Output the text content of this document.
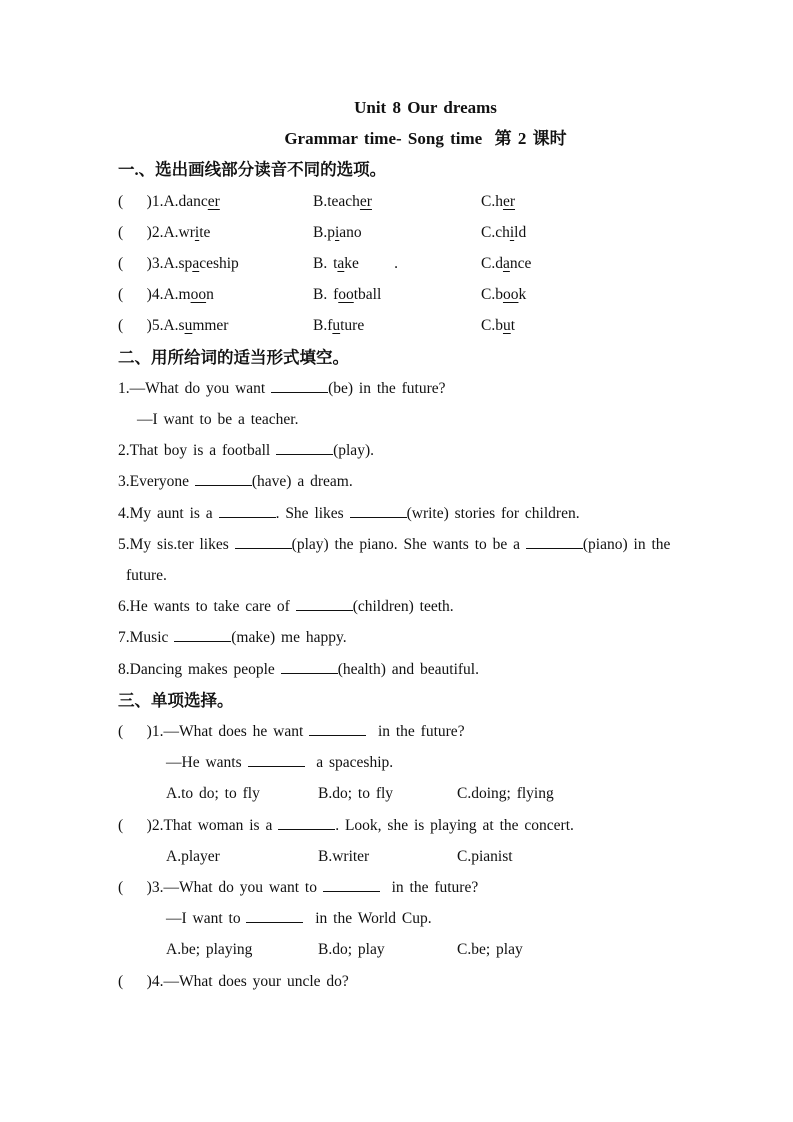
Unit 8 Our dreams
Grammar time- Song time  第 2 课时
一.、选出画线部分读音不同的选项。
(    )1.A.dancer	B.teacher	C.her
(    )2.A.write	B.piano	C.child
(    )3.A.spaceship	B. take      .	C.dance
(    )4.A.moon	B. football	C.book
(    )5.A.summer	B.future	C.but
二、用所给词的适当形式填空。
1.—What do you want	(be) in the future?
—I want to be a teacher.
2.That boy is a football	(play).
3.Everyone	(have) a dream.
4.My aunt is a	. She likes	(write) stories for children.
5.My sis.ter likes	(play) the piano. She wants to be a	(piano) in the
future.
6.He wants to take care of	(children) teeth.
7.Music	(make) me happy.
8.Dancing makes people	(health) and beautiful.
三、单项选择。
(    )1.—What does he want	in the future?
—He wants	a spaceship.
A.to do; to fly	B.do; to fly	C.doing; flying
(    )2.That woman is a	. Look, she is playing at the concert.
A.player	B.writer	C.pianist
(    )3.—What do you want to	in the future?
—I want to	in the World Cup.
A.be; playing	B.do; play	C.be; play
(    )4.—What does your uncle do?
